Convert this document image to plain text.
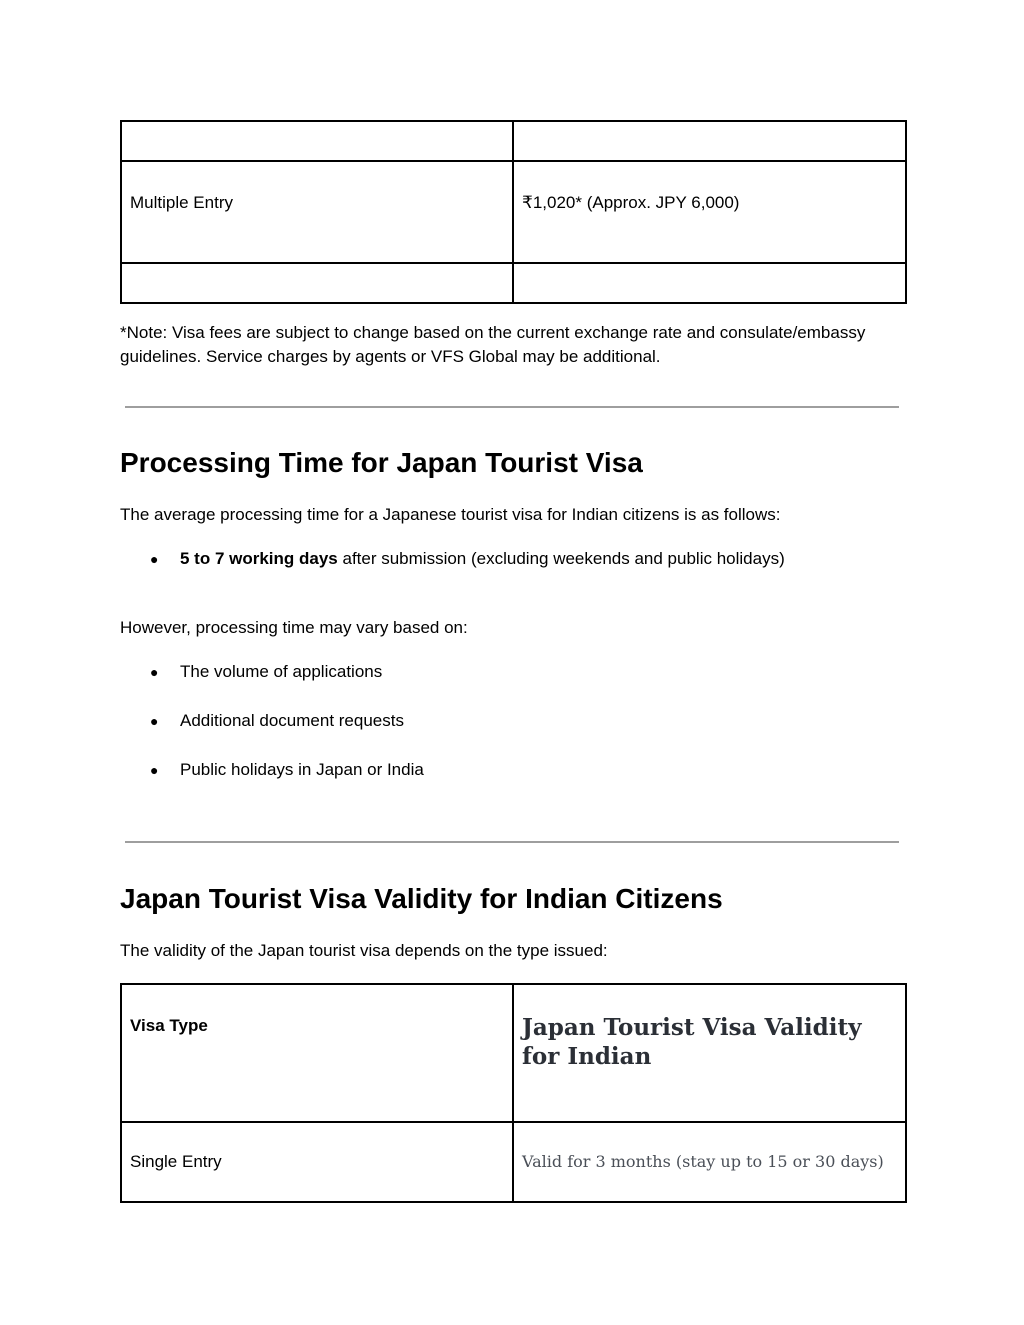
Multiple Entry	₹1,020* (Approx. JPY 6,000)

*Note: Visa fees are subject to change based on the current exchange rate and consulate/embassy guidelines. Service charges by agents or VFS Global may be additional.
Processing Time for Japan Tourist Visa
The average processing time for a Japanese tourist visa for Indian citizens is as follows:
● 5 to 7 working days after submission (excluding weekends and public holidays)
However, processing time may vary based on:
● The volume of applications
● Additional document requests
● Public holidays in Japan or India
Japan Tourist Visa Validity for Indian Citizens
The validity of the Japan tourist visa depends on the type issued:
Visa Type	Japan Tourist Visa Validity for Indian

Single Entry	Valid for 3 months (stay up to 15 or 30 days)
